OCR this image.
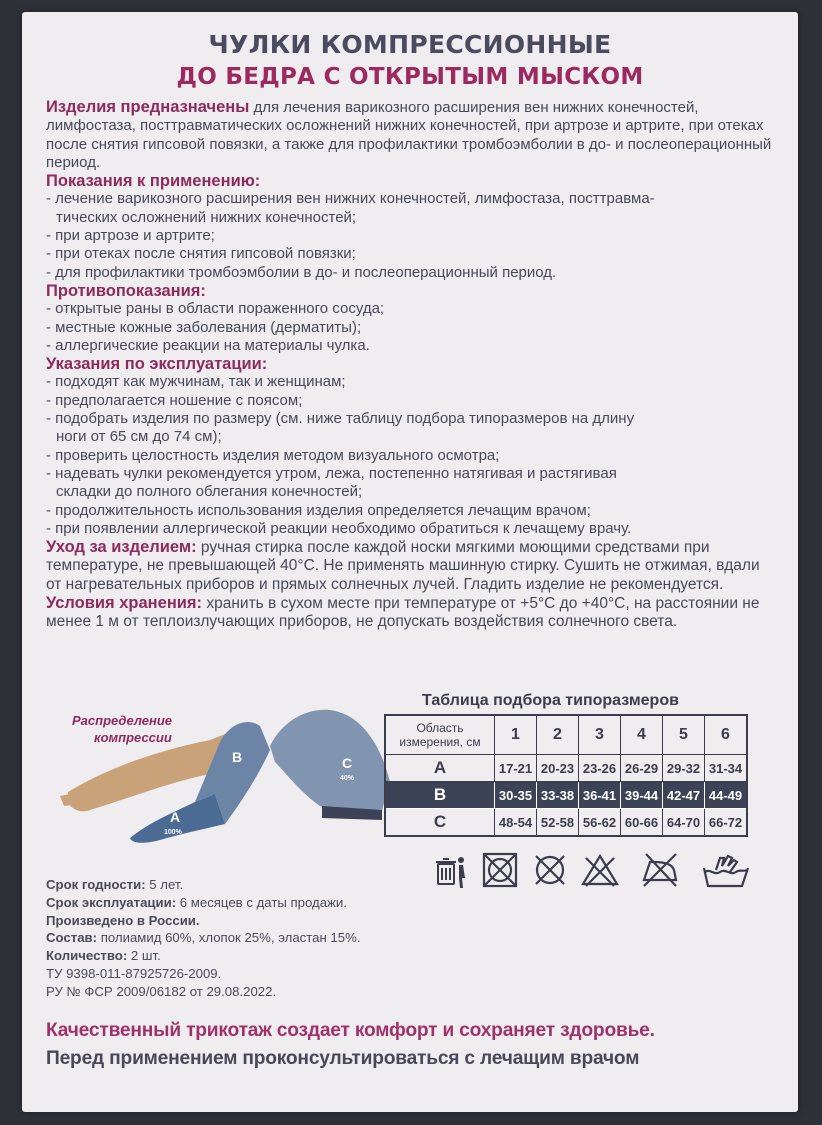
ЧУЛКИ КОМПРЕССИОННЫЕ
ДО БЕДРА С ОТКРЫТЫМ МЫСКОМ

Изделия предназначены для лечения варикозного расширения вен нижних конечностей, лимфостаза, посттравматических осложнений нижних конечностей, при артрозе и артрите, при отеках после снятия гипсовой повязки, а также для профилактики тромбоэмболии в до- и послеоперационный период.

Показания к применению:
- лечение варикозного расширения вен нижних конечностей, лимфостаза, посттравма-
тических осложнений нижних конечностей;
- при артрозе и артрите;
- при отеках после снятия гипсовой повязки;
- для профилактики тромбоэмболии в до- и послеоперационный период.
Противопоказания:
- открытые раны в области пораженного сосуда;
- местные кожные заболевания (дерматиты);
- аллергические реакции на материалы чулка.
Указания по эксплуатации:
- подходят как мужчинам, так и женщинам;
- предполагается ношение с поясом;
- подобрать изделия по размеру (см. ниже таблицу подбора типоразмеров на длину
ноги от 65 см до 74 см);
- проверить целостность изделия методом визуального осмотра;
- надевать чулки рекомендуется утром, лежа, постепенно натягивая и растягивая
складки до полного облегания конечностей;
- продолжительность использования изделия определяется лечащим врачом;
- при появлении аллергической реакции необходимо обратиться к лечащему врачу.

Уход за изделием: ручная стирка после каждой носки мягкими моющими средствами при температуре, не превышающей 40°С. Не применять машинную стирку. Сушить не отжимая, вдали от нагревательных приборов и прямых солнечных лучей. Гладить изделие не рекомендуется.

Условия хранения: хранить в сухом месте при температуре от +5°С до +40°С, на расстоянии не менее 1 м от теплоизлучающих приборов, не допускать воздействия солнечного света.

Распределение
компрессии
A
100%
B	C
40%
Таблица подбора типоразмеров
Область
измерения, см	1	2	3	4	5	6
A	17-21	20-23	23-26	26-29	29-32	31-34
B	30-35	33-38	36-41	39-44	42-47	44-49
C	48-54	52-58	56-62	60-66	64-70	66-72
Срок годности: 5 лет.
Срок эксплуатации: 6 месяцев с даты продажи.
Произведено в России.
Состав: полиамид 60%, хлопок 25%, эластан 15%.
Количество: 2 шт.
ТУ 9398-011-87925726-2009.
РУ № ФСР 2009/06182 от 29.08.2022.
Качественный трикотаж создает комфорт и сохраняет здоровье.
Перед применением проконсультироваться с лечащим врачом
